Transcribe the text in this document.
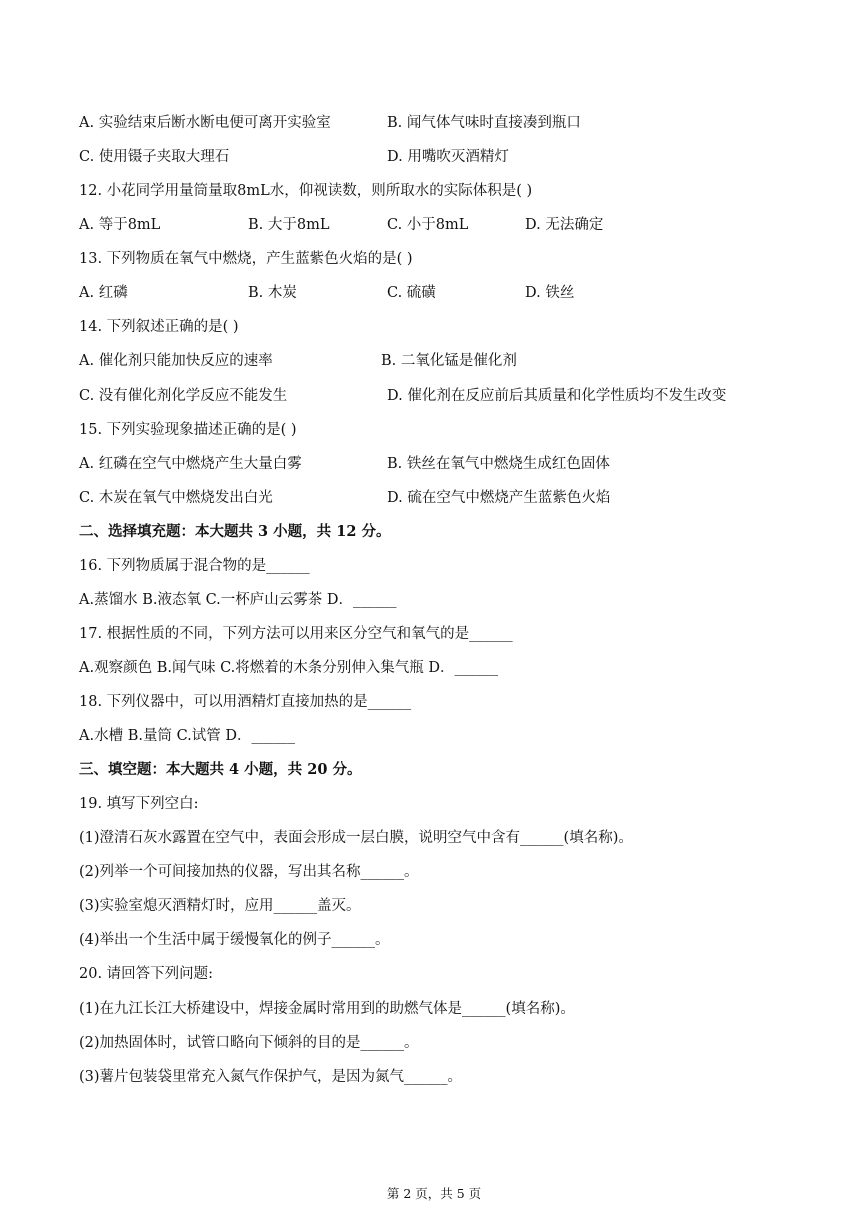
A. 实验结束后断水断电便可离开实验室	B. 闻气体气味时直接凑到瓶口
C. 使用镊子夹取大理石	D. 用嘴吹灭酒精灯
12. 小花同学用量筒量取8mL水，仰视读数，则所取水的实际体积是( )
A. 等于8mL	B. 大于8mL	C. 小于8mL	D. 无法确定
13. 下列物质在氧气中燃烧，产生蓝紫色火焰的是( )
A. 红磷	B. 木炭	C. 硫磺	D. 铁丝
14. 下列叙述正确的是( )
A. 催化剂只能加快反应的速率	B. 二氧化锰是催化剂
C. 没有催化剂化学反应不能发生	D. 催化剂在反应前后其质量和化学性质均不发生改变
15. 下列实验现象描述正确的是( )
A. 红磷在空气中燃烧产生大量白雾	B. 铁丝在氧气中燃烧生成红色固体
C. 木炭在氧气中燃烧发出白光	D. 硫在空气中燃烧产生蓝紫色火焰
二、选择填充题：本大题共 3 小题，共 12 分。
16. 下列物质属于混合物的是______
A.蒸馏水 B.液态氧 C.一杯庐山云雾茶 D．______
17. 根据性质的不同，下列方法可以用来区分空气和氧气的是______
A.观察颜色 B.闻气味 C.将燃着的木条分别伸入集气瓶 D．______
18. 下列仪器中，可以用酒精灯直接加热的是______
A.水槽 B.量筒 C.试管 D．______
三、填空题：本大题共 4 小题，共 20 分。
19. 填写下列空白:
(1)澄清石灰水露置在空气中，表面会形成一层白膜，说明空气中含有______(填名称)。
(2)列举一个可间接加热的仪器，写出其名称______。
(3)实验室熄灭酒精灯时，应用______盖灭。
(4)举出一个生活中属于缓慢氧化的例子______。
20. 请回答下列问题:
(1)在九江长江大桥建设中，焊接金属时常用到的助燃气体是______(填名称)。
(2)加热固体时，试管口略向下倾斜的目的是______。
(3)薯片包装袋里常充入氮气作保护气，是因为氮气______。
第 2 页，共 5 页
